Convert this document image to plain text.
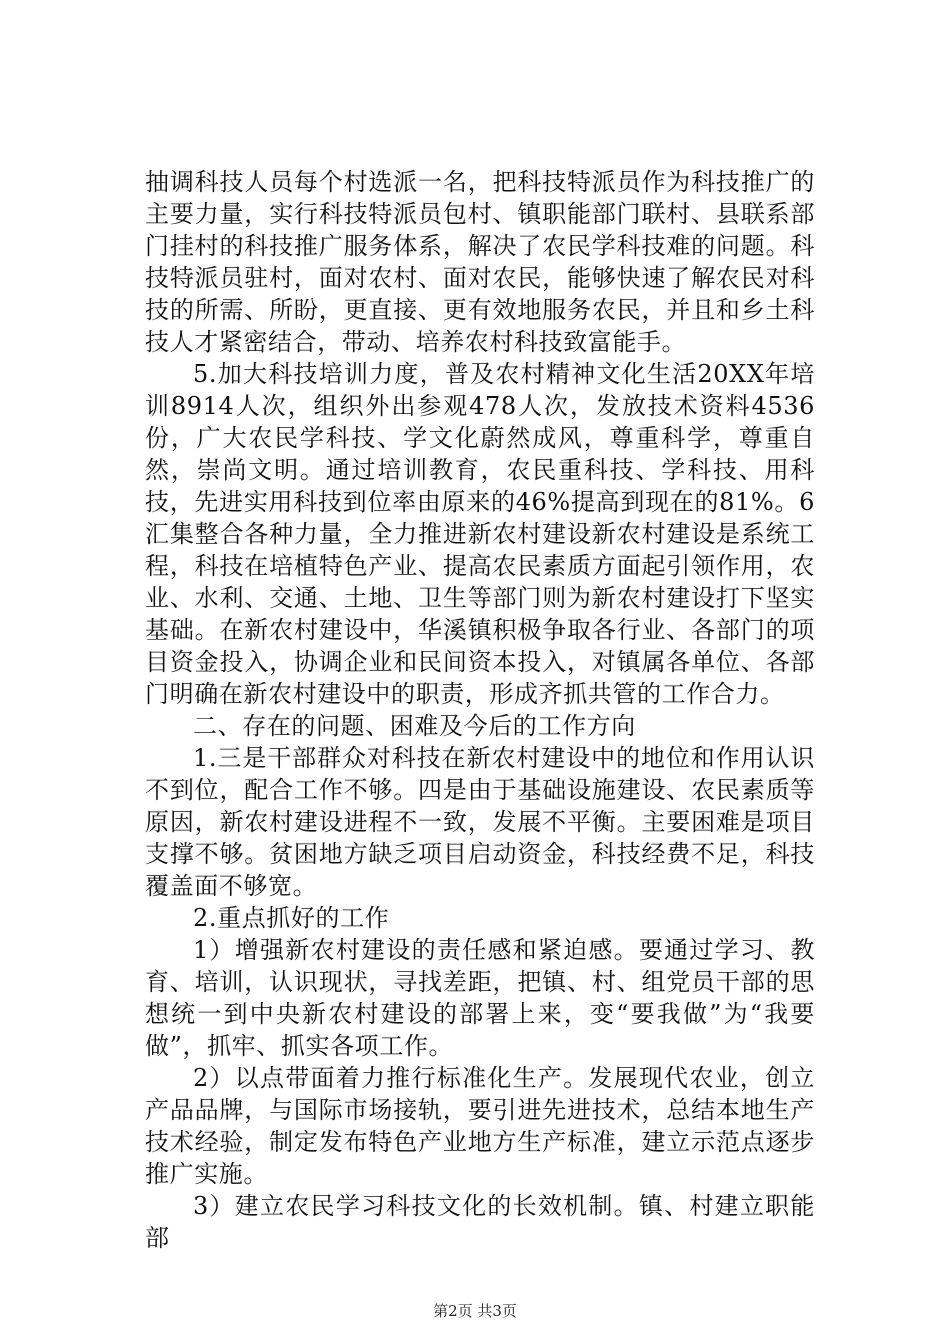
抽调科技人员每个村选派一名，把科技特派员作为科技推广的主要力量，实行科技特派员包村、镇职能部门联村、县联系部门挂村的科技推广服务体系，解决了农民学科技难的问题。科技特派员驻村，面对农村、面对农民，能够快速了解农民对科技的所需、所盼，更直接、更有效地服务农民，并且和乡土科技人才紧密结合，带动、培养农村科技致富能手。

5.加大科技培训力度，普及农村精神文化生活20XX年培训8914人次，组织外出参观478人次，发放技术资料4536份，广大农民学科技、学文化蔚然成风，尊重科学，尊重自然，崇尚文明。通过培训教育，农民重科技、学科技、用科技，先进实用科技到位率由原来的46%提高到现在的81%。6汇集整合各种力量，全力推进新农村建设新农村建设是系统工程，科技在培植特色产业、提高农民素质方面起引领作用，农业、水利、交通、土地、卫生等部门则为新农村建设打下坚实基础。在新农村建设中，华溪镇积极争取各行业、各部门的项目资金投入，协调企业和民间资本投入，对镇属各单位、各部门明确在新农村建设中的职责，形成齐抓共管的工作合力。

二、存在的问题、困难及今后的工作方向

1.三是干部群众对科技在新农村建设中的地位和作用认识不到位，配合工作不够。四是由于基础设施建设、农民素质等原因，新农村建设进程不一致，发展不平衡。主要困难是项目支撑不够。贫困地方缺乏项目启动资金，科技经费不足，科技覆盖面不够宽。

2.重点抓好的工作

1）增强新农村建设的责任感和紧迫感。要通过学习、教育、培训，认识现状，寻找差距，把镇、村、组党员干部的思想统一到中央新农村建设的部署上来，变“要我做”为“我要做”，抓牢、抓实各项工作。

2）以点带面着力推行标准化生产。发展现代农业，创立产品品牌，与国际市场接轨，要引进先进技术，总结本地生产技术经验，制定发布特色产业地方生产标准，建立示范点逐步推广实施。

3）建立农民学习科技文化的长效机制。镇、村建立职能部

第2页 共3页
